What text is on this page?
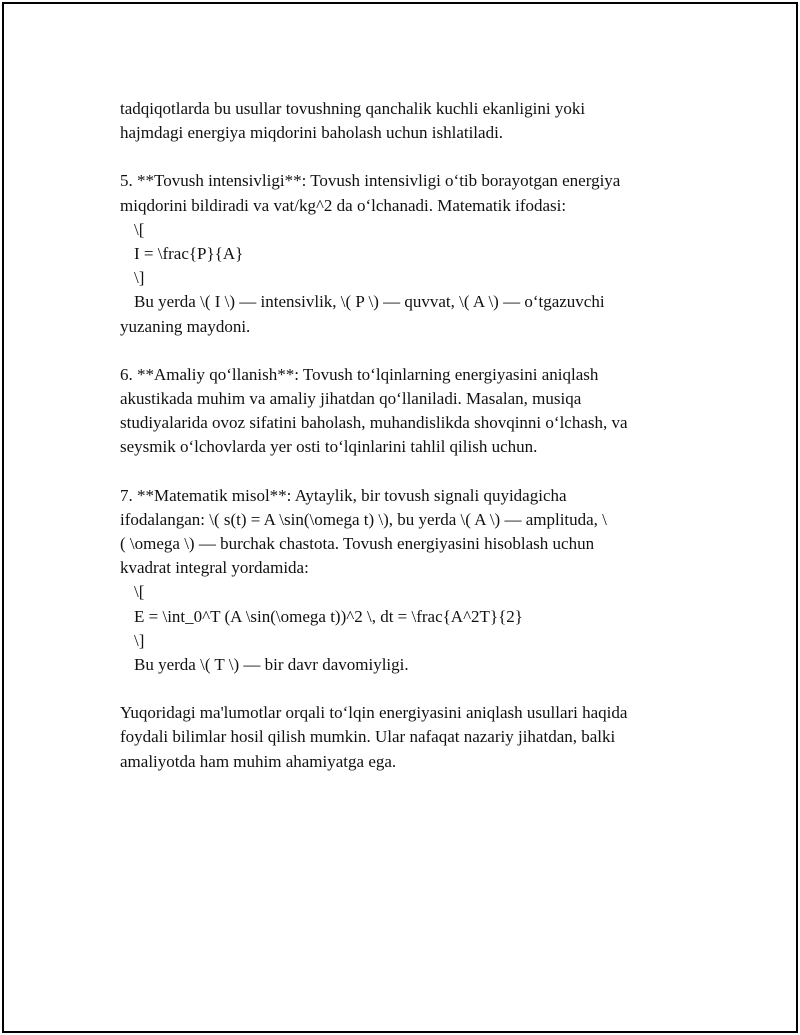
tadqiqotlarda bu usullar tovushning qanchalik kuchli ekanligini yoki

hajmdagi energiya miqdorini baholash uchun ishlatiladi.

5. **Tovush intensivligi**: Tovush intensivligi o‘tib borayotgan energiya

miqdorini bildiradi va vat/kg^2 da o‘lchanadi. Matematik ifodasi:

\[

I = \frac{P}{A}

\]

Bu yerda \( I \) — intensivlik, \( P \) — quvvat, \( A \) — o‘tgazuvchi

yuzaning maydoni.

6. **Amaliy qo‘llanish**: Tovush to‘lqinlarning energiyasini aniqlash

akustikada muhim va amaliy jihatdan qo‘llaniladi. Masalan, musiqa

studiyalarida ovoz sifatini baholash, muhandislikda shovqinni o‘lchash, va

seysmik o‘lchovlarda yer osti to‘lqinlarini tahlil qilish uchun.

7. **Matematik misol**: Aytaylik, bir tovush signali quyidagicha

ifodalangan: \( s(t) = A \sin(\omega t) \), bu yerda \( A \) — amplituda, \

( \omega \) — burchak chastota. Tovush energiyasini hisoblash uchun

kvadrat integral yordamida:

\[

E = \int_0^T (A \sin(\omega t))^2 \, dt = \frac{A^2T}{2}

\]

Bu yerda \( T \) — bir davr davomiyligi.

Yuqoridagi ma'lumotlar orqali to‘lqin energiyasini aniqlash usullari haqida

foydali bilimlar hosil qilish mumkin. Ular nafaqat nazariy jihatdan, balki

amaliyotda ham muhim ahamiyatga ega.
